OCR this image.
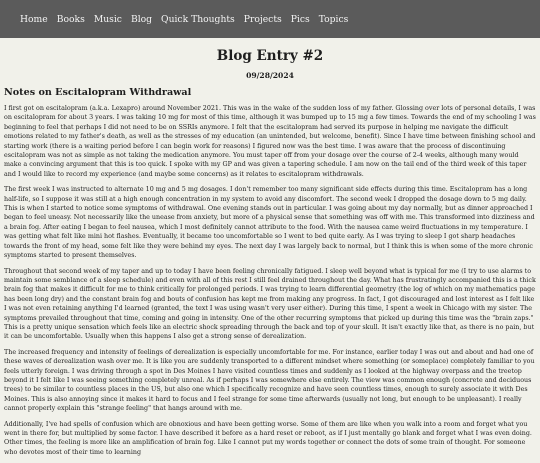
Home Books Music Blog Quick Thoughts Projects Pics Topics
Blog Entry #2
09/28/2024
Notes on Escitalopram Withdrawal

I first got on escitalopram (a.k.a. Lexapro) around November 2021. This was in the wake of the sudden loss of my father. Glossing over lots of personal details, I was on escitalopram for about 3 years. I was taking 10 mg for most of this time, although it was bumped up to 15 mg a few times. Towards the end of my schooling I was beginning to feel that perhaps I did not need to be on SSRIs anymore. I felt that the escitalopram had served its purpose in helping me navigate the difficult emotions related to my father's death, as well as the stresses of my education (an unintended, but welcome, benefit). Since I have time between finishing school and starting work (there is a waiting period before I can begin work for reasons) I figured now was the best time. I was aware that the process of discontinuing escitalopram was not as simple as not taking the medication anymore. You must taper off from your dosage over the course of 2-4 weeks, although many would make a convincing argument that this is too quick. I spoke with my GP and was given a tapering schedule. I am now on the tail end of the third week of this taper and I would like to record my experience (and maybe some concerns) as it relates to escitalopram withdrawals.

The first week I was instructed to alternate 10 mg and 5 mg dosages. I don't remember too many significant side effects during this time. Escitalopram has a long half-life, so I suppose it was still at a high enough concentration in my system to avoid any discomfort. The second week I dropped the dosage down to 5 mg daily. This is when I started to notice some symptoms of withdrawal. One evening stands out in particular. I was going about my day normally, but as dinner approached I began to feel uneasy. Not necessarily like the unease from anxiety, but more of a physical sense that something was off with me. This transformed into dizziness and a brain fog. After eating I began to feel nausea, which I most definitely cannot attribute to the food. With the nausea came weird fluctuations in my temperature. I was getting what felt like mini hot flashes. Eventually, it became too uncomfortable so I went to bed quite early. As I was trying to sleep I got sharp headaches towards the front of my head, some felt like they were behind my eyes. The next day I was largely back to normal, but I think this is when some of the more chronic symptoms started to present themselves.

Throughout that second week of my taper and up to today I have been feeling chronically fatigued. I sleep well beyond what is typical for me (I try to use alarms to maintain some semblance of a sleep schedule) and even with all of this rest I still feel drained throughout the day. What has frustratingly accompanied this is a thick brain fog that makes it difficult for me to think critically for prolonged periods. I was trying to learn differential geometry (the log of which on my mathematics page has been long dry) and the constant brain fog and bouts of confusion has kept me from making any progress. In fact, I got discouraged and lost interest as I felt like I was not even retaining anything I'd learned (granted, the text I was using wasn't very user either). During this time, I spent a week in Chicago with my sister. The symptoms prevailed throughout that time, coming and going in intensity. One of the other recurring symptoms that picked up during this time was the "brain zaps." This is a pretty unique sensation which feels like an electric shock spreading through the back and top of your skull. It isn't exactly like that, as there is no pain, but it can be uncomfortable. Usually when this happens I also get a strong sense of derealization.

The increased frequency and intensity of feelings of derealization is especially uncomfortable for me. For instance, earlier today I was out and about and had one of these waves of derealization wash over me. It is like you are suddenly transported to a different mindset where something (or someplace) completely familiar to you feels utterly foreign. I was driving through a spot in Des Moines I have visited countless times and suddenly as I looked at the highway overpass and the treetop beyond it I felt like I was seeing something completely unreal. As if perhaps I was somewhere else entirely. The view was common enough (concrete and deciduous trees) to be similar to countless places in the US, but also one which I specifically recognize and have seen countless times, enough to surely associate it with Des Moines. This is also annoying since it makes it hard to focus and I feel strange for some time afterwards (usually not long, but enough to be unpleasant). I really cannot properly explain this "strange feeling" that hangs around with me.

Additionally, I've had spells of confusion which are obnoxious and have been getting worse. Some of them are like when you walk into a room and forget what you went in there for, but multiplied by some factor. I have described it before as a hard reset or reboot, as if I just mentally go blank and forget what I was even doing. Other times, the feeling is more like an amplification of brain fog. Like I cannot put my words together or connect the dots of some train of thought. For someone who devotes most of their time to learning
